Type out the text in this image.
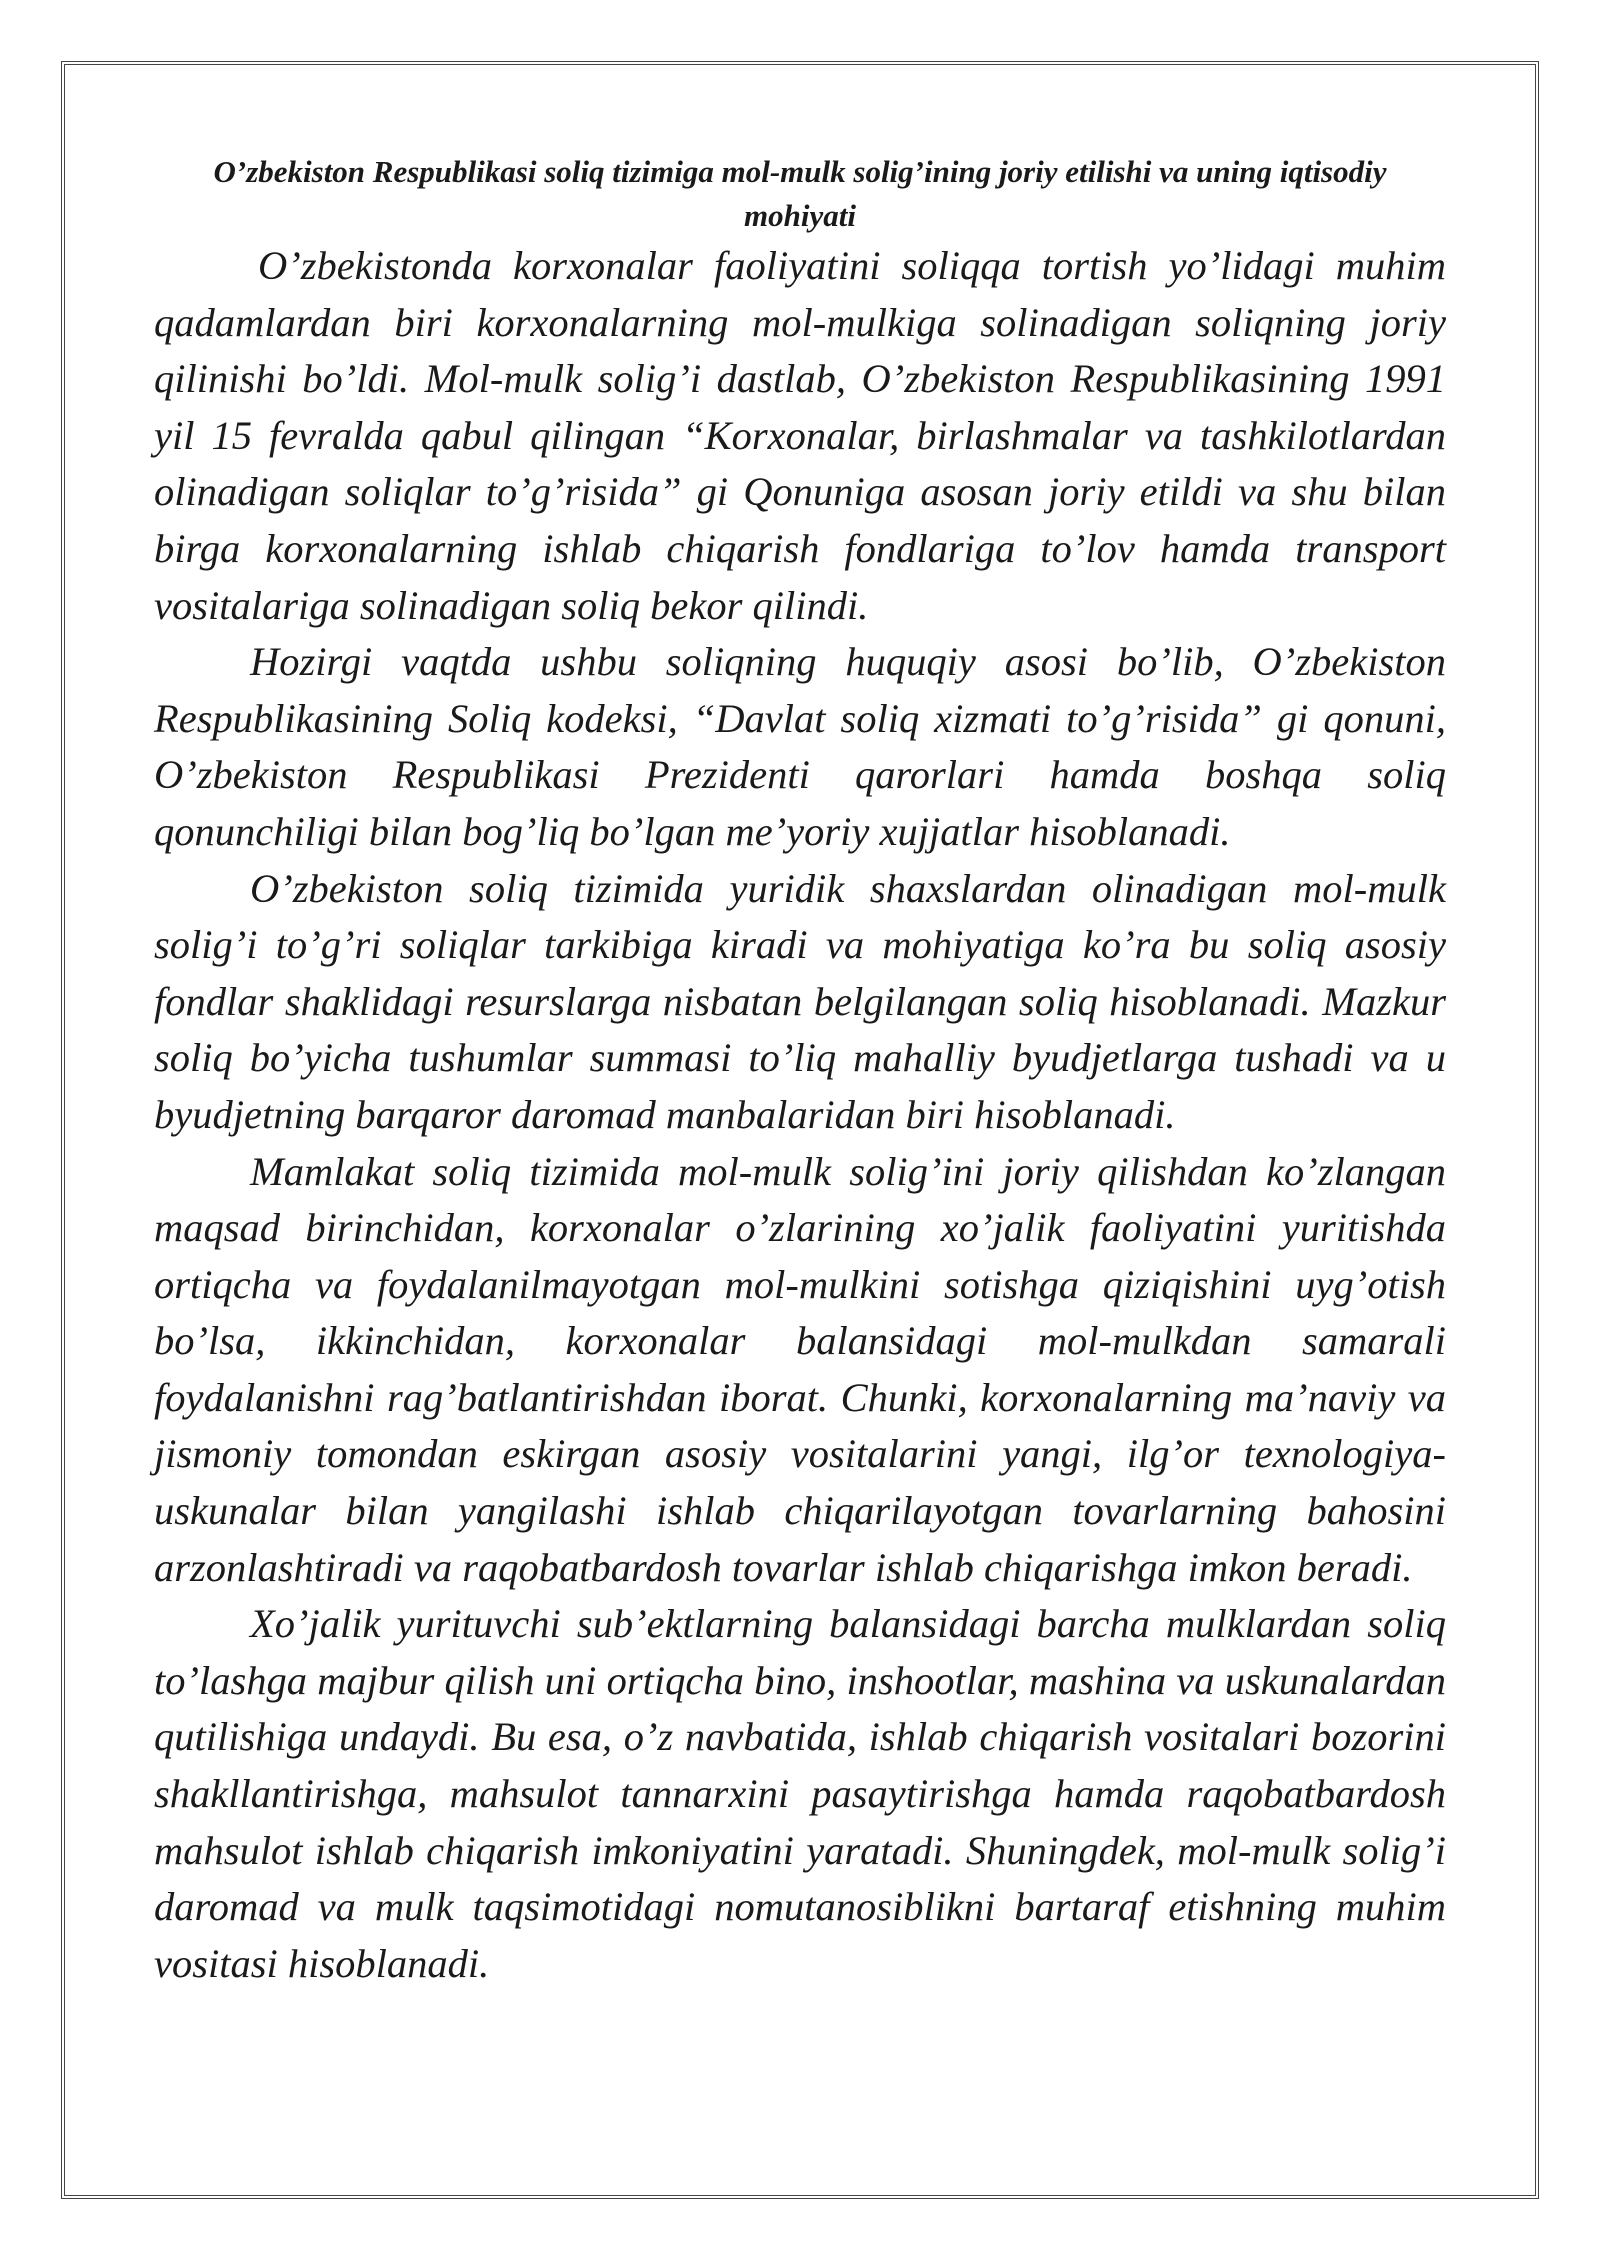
O’zbekiston Respublikasi soliq tizimiga mol-mulk solig’ining joriy etilishi va uning iqtisodiy mohiyati

O’zbekistonda korxonalar faoliyatini soliqqa tortish yo’lidagi muhim qadamlardan biri korxonalarning mol-mulkiga solinadigan soliqning joriy qilinishi bo’ldi. Mol-mulk solig’i dastlab, O’zbekiston Respublikasining 1991 yil 15 fevralda qabul qilingan “Korxonalar, birlashmalar va tashkilotlardan olinadigan soliqlar to’g’risida” gi Qonuniga asosan joriy etildi va shu bilan birga korxonalarning ishlab chiqarish fondlariga to’lov hamda transport vositalariga solinadigan soliq bekor qilindi.

Hozirgi vaqtda ushbu soliqning huquqiy asosi bo’lib, O’zbekiston Respublikasining Soliq kodeksi, “Davlat soliq xizmati to’g’risida” gi qonuni, O’zbekiston Respublikasi Prezidenti qarorlari hamda boshqa soliq qonunchiligi bilan bog’liq bo’lgan me’yoriy xujjatlar hisoblanadi.

O’zbekiston soliq tizimida yuridik shaxslardan olinadigan mol-mulk solig’i to’g’ri soliqlar tarkibiga kiradi va mohiyatiga ko’ra bu soliq asosiy fondlar shaklidagi resurslarga nisbatan belgilangan soliq hisoblanadi. Mazkur soliq bo’yicha tushumlar summasi to’liq mahalliy byudjetlarga tushadi va u byudjetning barqaror daromad manbalaridan biri hisoblanadi.

Mamlakat soliq tizimida mol-mulk solig’ini joriy qilishdan ko’zlangan maqsad birinchidan, korxonalar o’zlarining xo’jalik faoliyatini yuritishda ortiqcha va foydalanilmayotgan mol-mulkini sotishga qiziqishini uyg’otish bo’lsa, ikkinchidan, korxonalar balansidagi mol-mulkdan samarali foydalanishni rag’batlantirishdan iborat. Chunki, korxonalarning ma’naviy va jismoniy tomondan eskirgan asosiy vositalarini yangi, ilg’or texnologiya-uskunalar bilan yangilashi ishlab chiqarilayotgan tovarlarning bahosini arzonlashtiradi va raqobatbardosh tovarlar ishlab chiqarishga imkon beradi.

Xo’jalik yurituvchi sub’ektlarning balansidagi barcha mulklardan soliq to’lashga majbur qilish uni ortiqcha bino, inshootlar, mashina va uskunalardan qutilishiga undaydi. Bu esa, o’z navbatida, ishlab chiqarish vositalari bozorini shakllantirishga, mahsulot tannarxini pasaytirishga hamda raqobatbardosh mahsulot ishlab chiqarish imkoniyatini yaratadi. Shuningdek, mol-mulk solig’i daromad va mulk taqsimotidagi nomutanosiblikni bartaraf etishning muhim vositasi hisoblanadi.
